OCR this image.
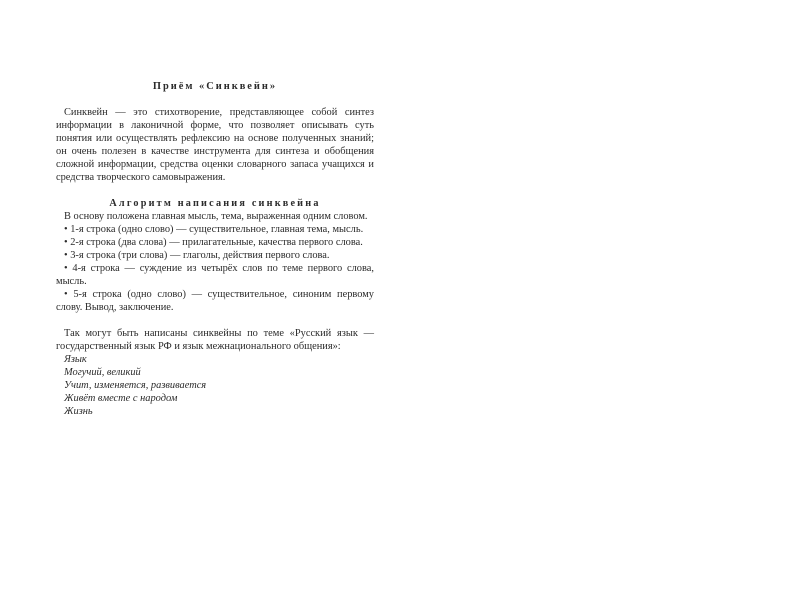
Приём «Синквейн»

Синквейн — это стихотворение, представляющее собой синтез информации в лаконичной форме, что позволяет описывать суть понятия или осуществлять рефлексию на основе полученных знаний; он очень полезен в качестве инструмента для синтеза и обобщения сложной информации, средства оценки словарного запаса учащихся и средства творческого самовыражения.

Алгоритм написания синквейна

В основу положена главная мысль, тема, выраженная одним словом.

• 1-я строка (одно слово) — существительное, главная тема, мысль.

• 2-я строка (два слова) — прилагательные, качества первого слова.

• 3-я строка (три слова) — глаголы, действия первого слова.

• 4-я строка — суждение из четырёх слов по теме первого слова, мысль.

• 5-я строка (одно слово) — существительное, синоним первому слову. Вывод, заключение.

Так могут быть написаны синквейны по теме «Русский язык — государственный язык РФ и язык межнационального общения»:

Язык
Могучий, великий
Учит, изменяется, развивается
Живёт вместе с народом
Жизнь
